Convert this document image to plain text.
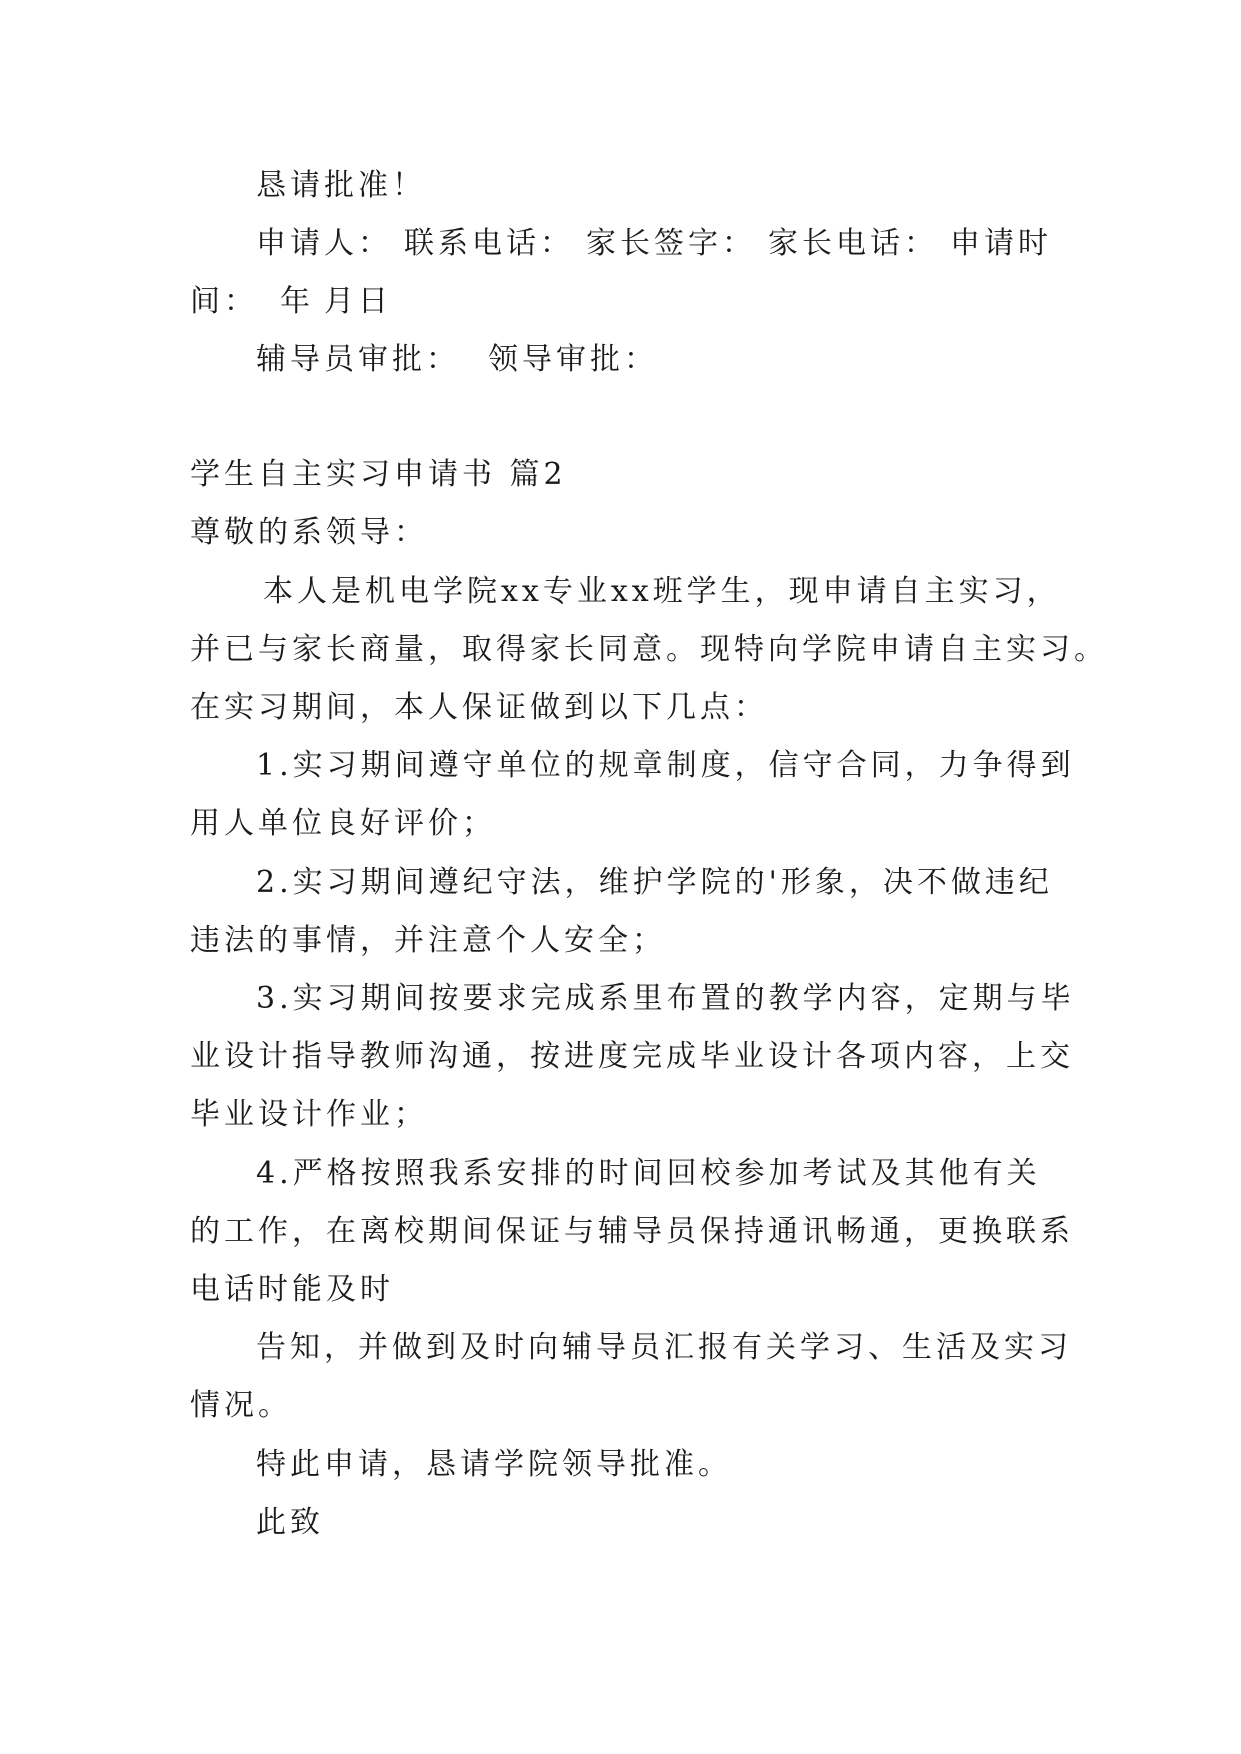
恳请批准！
申请人： 联系电话： 家长签字： 家长电话： 申请时
间： 年 月日
辅导员审批： 领导审批：
学生自主实习申请书 篇2
尊敬的系领导：
本人是机电学院xx专业xx班学生，现申请自主实习，
并已与家长商量，取得家长同意。现特向学院申请自主实习。
在实习期间，本人保证做到以下几点：
1.实习期间遵守单位的规章制度，信守合同，力争得到
用人单位良好评价；
2.实习期间遵纪守法，维护学院的'形象，决不做违纪
违法的事情，并注意个人安全；
3.实习期间按要求完成系里布置的教学内容，定期与毕
业设计指导教师沟通，按进度完成毕业设计各项内容，上交
毕业设计作业；
4.严格按照我系安排的时间回校参加考试及其他有关
的工作，在离校期间保证与辅导员保持通讯畅通，更换联系
电话时能及时
告知，并做到及时向辅导员汇报有关学习、生活及实习
情况。
特此申请，恳请学院领导批准。
此致
